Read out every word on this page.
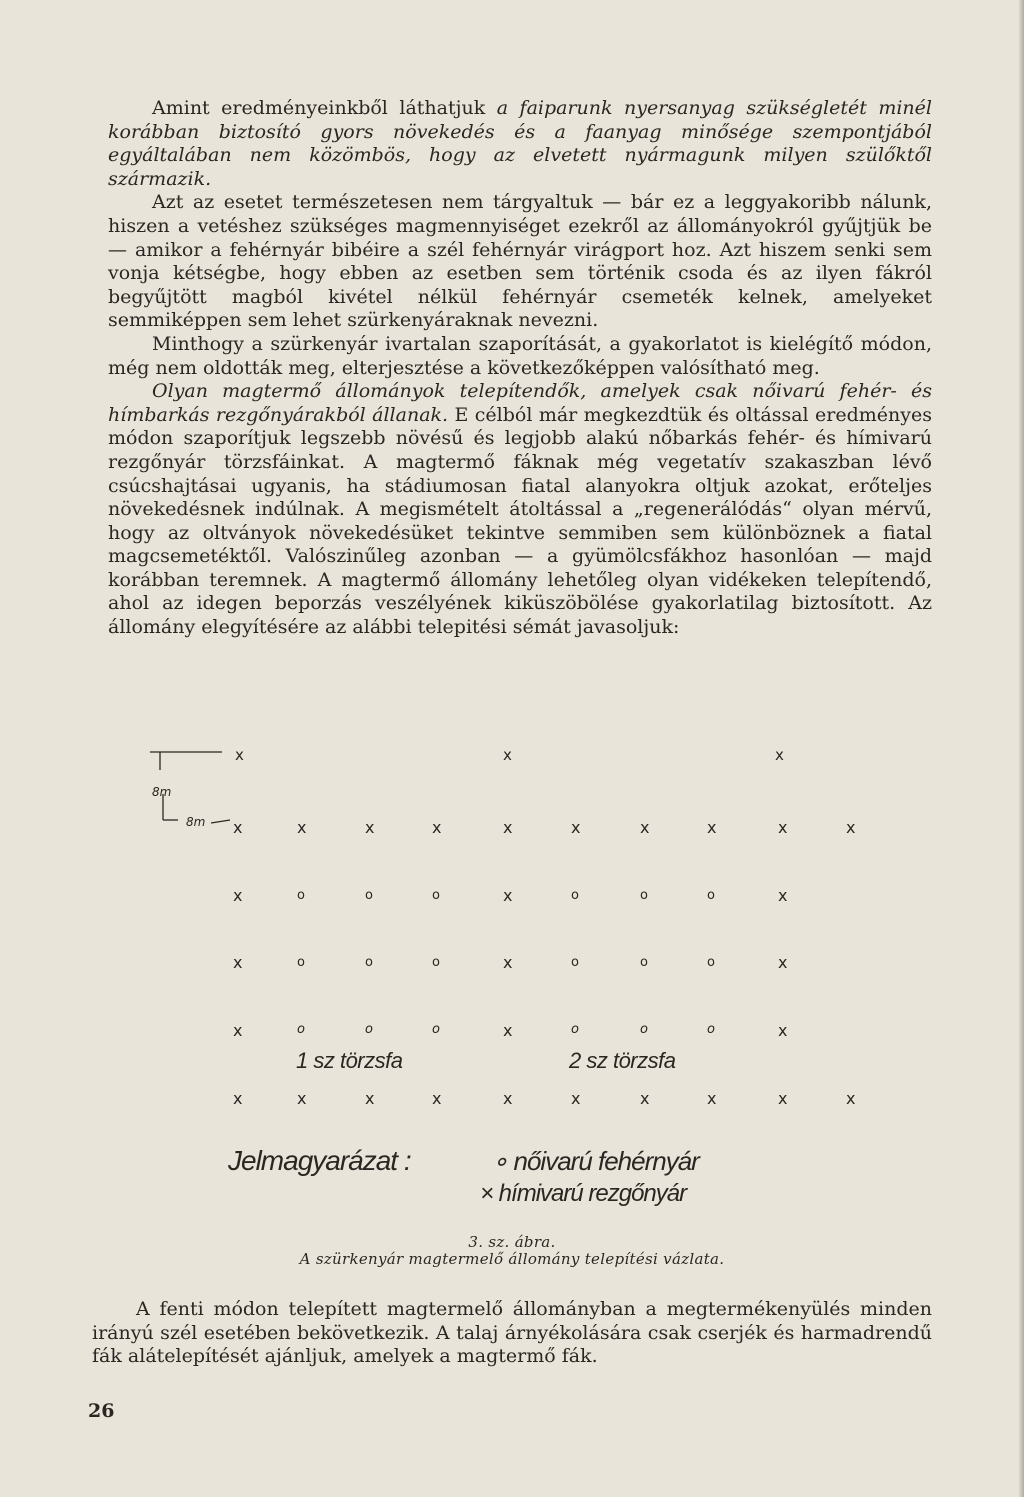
Amint eredményeinkből láthatjuk a faiparunk nyersanyag szükségletét minél korábban biztosító gyors növekedés és a faanyag minősége szempontjából egyáltalában nem közömbös, hogy az elvetett nyármagunk milyen szülőktől származik.

Azt az esetet természetesen nem tárgyaltuk — bár ez a leggyakoribb nálunk, hiszen a vetéshez szükséges magmennyiséget ezekről az állományokról gyűjtjük be — amikor a fehérnyár bibéire a szél fehérnyár virágport hoz. Azt hiszem senki sem vonja kétségbe, hogy ebben az esetben sem történik csoda és az ilyen fákról begyűjtött magból kivétel nélkül fehérnyár csemeték kelnek, amelyeket semmiképpen sem lehet szürkenyáraknak nevezni.

Minthogy a szürkenyár ivartalan szaporítását, a gyakorlatot is kielégítő módon, még nem oldották meg, elterjesztése a következőképpen valósítható meg.

Olyan magtermő állományok telepítendők, amelyek csak nőivarú fehér- és hímbarkás rezgőnyárakból állanak. E célból már megkezdtük és oltással eredményes módon szaporítjuk legszebb növésű és legjobb alakú nőbarkás fehér- és hímivarú rezgőnyár törzsfáinkat. A magtermő fáknak még vegetatív szakaszban lévő csúcshajtásai ugyanis, ha stádiumosan fiatal alanyokra oltjuk azokat, erőteljes növekedésnek indúlnak. A megismételt átoltással a „regenerálódás“ olyan mérvű, hogy az oltványok növekedésüket tekintve semmiben sem különböznek a fiatal magcsemetéktől. Valószinűleg azonban — a gyümölcsfákhoz hasonlóan — majd korábban teremnek. A magtermő állomány lehetőleg olyan vidékeken telepítendő, ahol az idegen beporzás veszélyének kiküszöbölése gyakorlatilag biztosított. Az állomány elegyítésére az alábbi telepitési sémát javasoljuk:

8m
8m
x	x	x
x	x	x	x	x	x	x	x	x	x
x	o	o	o	x	o	o	o	x
x	o	o	o	x	o	o	o	x
x	o	o	o	x	o	o	o	x
1 sz törzsfa	2 sz törzsfa
x	x	x	x	x	x	x	x	x	x
Jelmagyarázat :	∘ nőivarú fehérnyár
× hímivarú rezgőnyár
3. sz. ábra.
A szürkenyár magtermelő állomány telepítési vázlata.

A fenti módon telepített magtermelő állományban a megtermékenyülés minden irányú szél esetében bekövetkezik. A talaj árnyékolására csak cserjék és harmadrendű fák alátelepítését ajánljuk, amelyek a magtermő fák.

26
